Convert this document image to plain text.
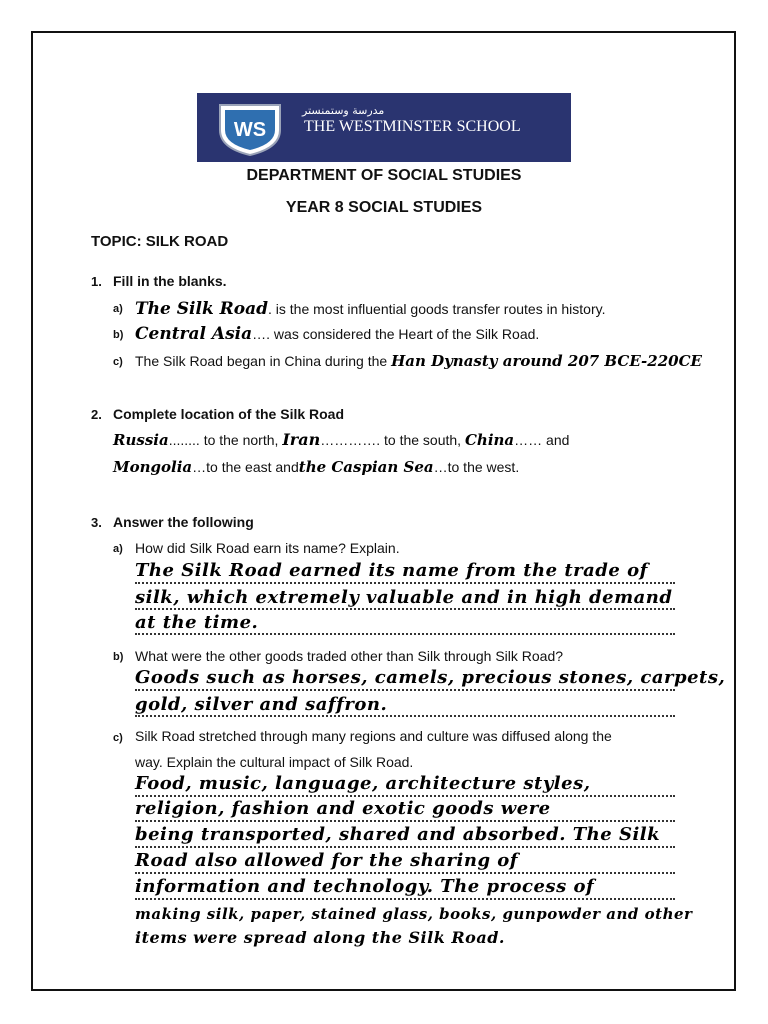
WS
مدرسة وستمنستر
THE WESTMINSTER SCHOOL
DEPARTMENT OF SOCIAL STUDIES
YEAR 8 SOCIAL STUDIES
TOPIC: SILK ROAD
1. Fill in the blanks.
a) The Silk Road. is the most influential goods transfer routes in history.
b) Central Asia…. was considered the Heart of the Silk Road.
c) The Silk Road began in China during the Han Dynasty around 207 BCE-220CE
2. Complete location of the Silk Road
Russia........ to the north, Iran…………. to the south, China…… and
Mongolia…to the east andthe Caspian Sea…to the west.
3. Answer the following
a) How did Silk Road earn its name? Explain.
The Silk Road earned its name from the trade of
silk, which extremely valuable and in high demand
at the time.
b) What were the other goods traded other than Silk through Silk Road?
Goods such as horses, camels, precious stones, carpets,
gold, silver and saffron.
c) Silk Road stretched through many regions and culture was diffused along the
way. Explain the cultural impact of Silk Road.
Food, music, language, architecture styles,
religion, fashion and exotic goods were
being transported, shared and absorbed. The Silk
Road also allowed for the sharing of
information and technology. The process of
making silk, paper, stained glass, books, gunpowder and other
items were spread along the Silk Road.
